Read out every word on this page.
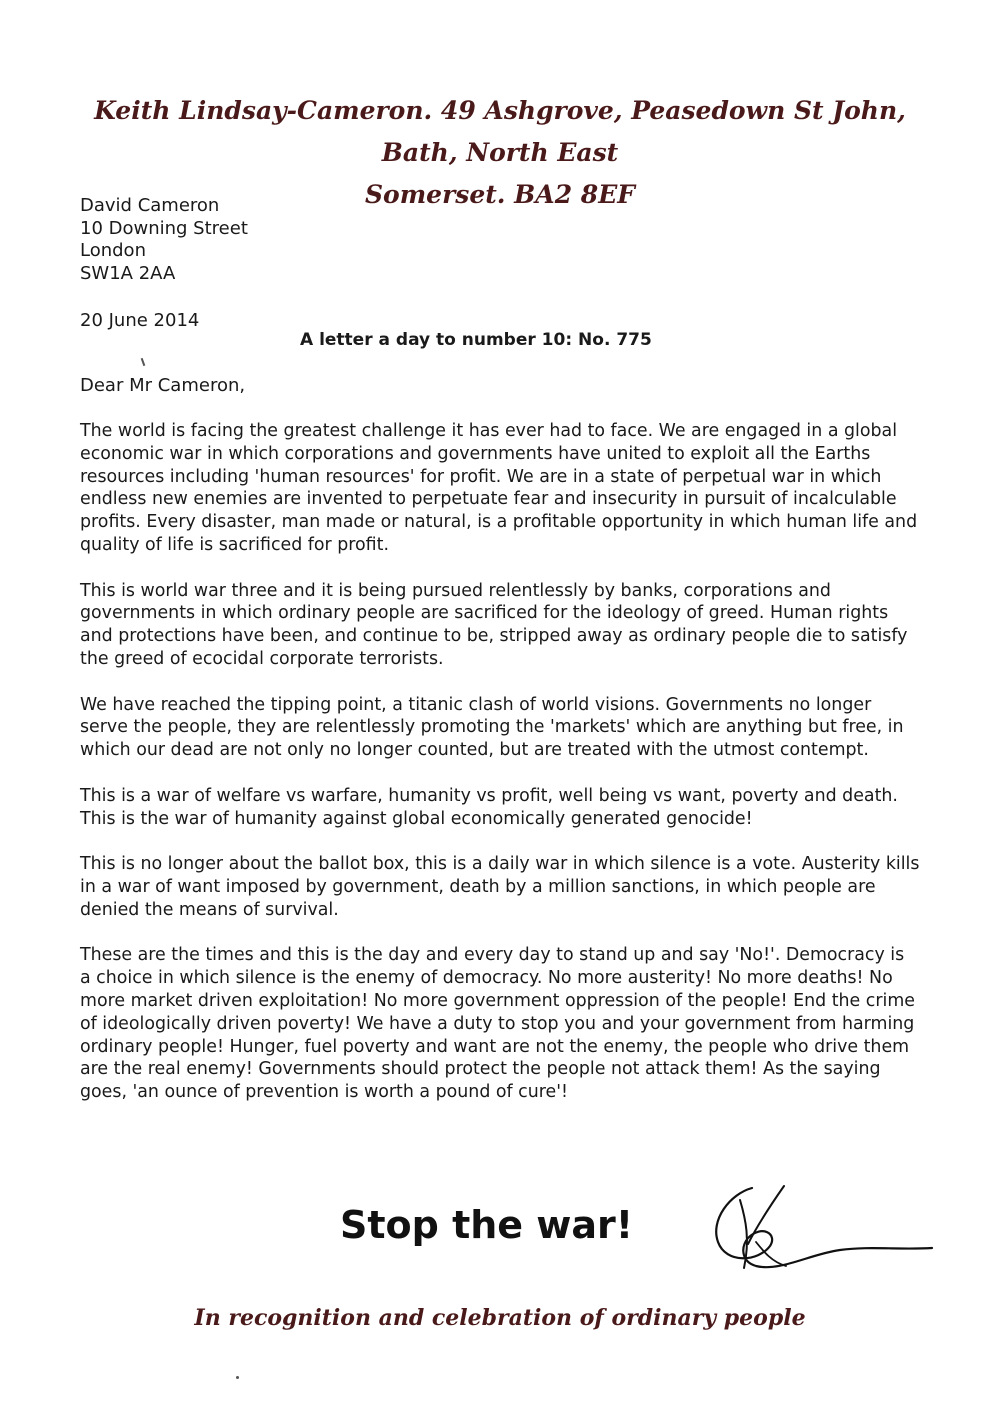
Keith Lindsay-Cameron. 49 Ashgrove, Peasedown St John, Bath, North East
Somerset. BA2 8EF
David Cameron
10 Downing Street
London
SW1A 2AA
20 June 2014
A letter a day to number 10: No. 775
Dear Mr Cameron,

The world is facing the greatest challenge it has ever had to face. We are engaged in a global economic war in which corporations and governments have united to exploit all the Earths resources including 'human resources' for profit. We are in a state of perpetual war in which endless new enemies are invented to perpetuate fear and insecurity in pursuit of incalculable profits. Every disaster, man made or natural, is a profitable opportunity in which human life and quality of life is sacrificed for profit.

This is world war three and it is being pursued relentlessly by banks, corporations and governments in which ordinary people are sacrificed for the ideology of greed. Human rights and protections have been, and continue to be, stripped away as ordinary people die to satisfy the greed of ecocidal corporate terrorists.

We have reached the tipping point, a titanic clash of world visions. Governments no longer serve the people, they are relentlessly promoting the 'markets' which are anything but free, in which our dead are not only no longer counted, but are treated with the utmost contempt.

This is a war of welfare vs warfare, humanity vs profit, well being vs want, poverty and death. This is the war of humanity against global economically generated genocide!

This is no longer about the ballot box, this is a daily war in which silence is a vote. Austerity kills in a war of want imposed by government, death by a million sanctions, in which people are denied the means of survival.

These are the times and this is the day and every day to stand up and say 'No!'. Democracy is a choice in which silence is the enemy of democracy. No more austerity! No more deaths! No more market driven exploitation! No more government oppression of the people! End the crime of ideologically driven poverty! We have a duty to stop you and your government from harming ordinary people! Hunger, fuel poverty and want are not the enemy, the people who drive them are the real enemy! Governments should protect the people not attack them! As the saying goes, 'an ounce of prevention is worth a pound of cure'!

Stop the war!
In recognition and celebration of ordinary people
